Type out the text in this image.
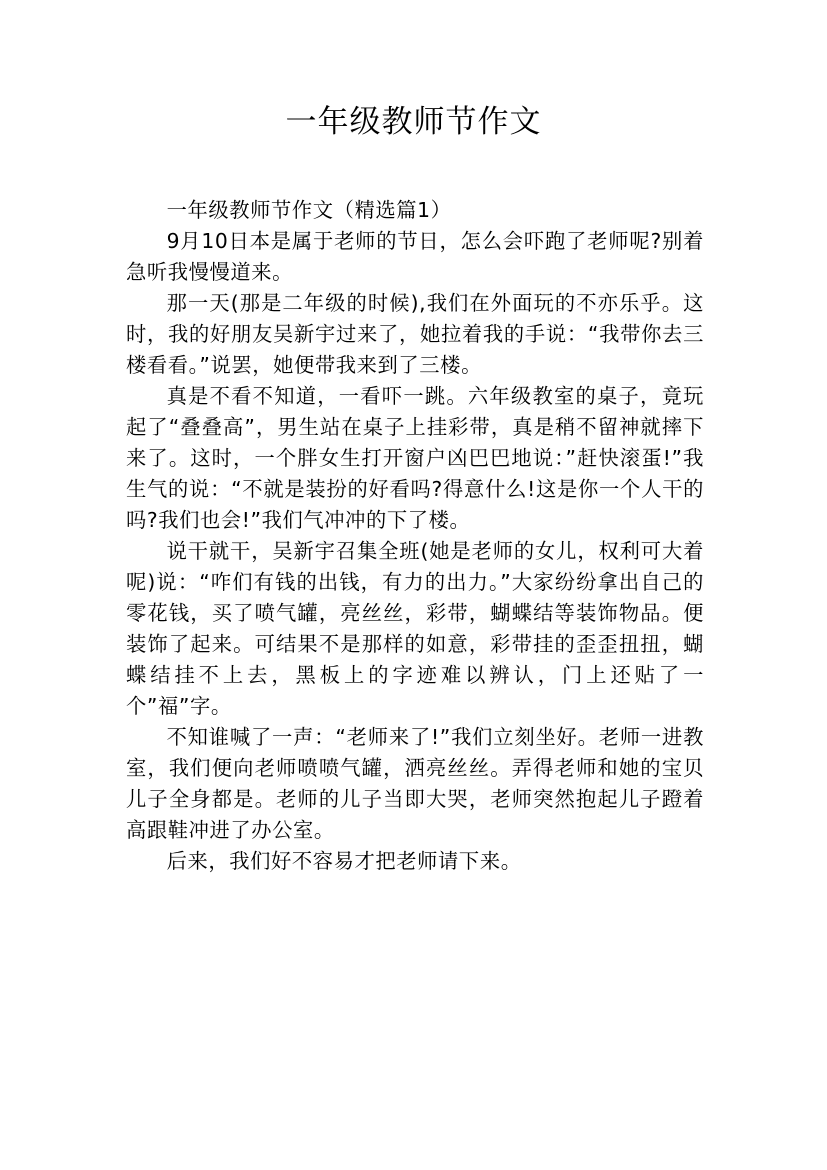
一年级教师节作文

一年级教师节作文（精选篇1）

9月10日本是属于老师的节日，怎么会吓跑了老师呢?别着急听我慢慢道来。

那一天(那是二年级的时候),我们在外面玩的不亦乐乎。这时，我的好朋友吴新宇过来了，她拉着我的手说：“我带你去三楼看看。”说罢，她便带我来到了三楼。

真是不看不知道，一看吓一跳。六年级教室的桌子，竟玩起了“叠叠高”，男生站在桌子上挂彩带，真是稍不留神就摔下来了。这时，一个胖女生打开窗户凶巴巴地说：”赶快滚蛋!”我生气的说：“不就是装扮的好看吗?得意什么!这是你一个人干的吗?我们也会!”我们气冲冲的下了楼。

说干就干，吴新宇召集全班(她是老师的女儿，权利可大着呢)说：“咋们有钱的出钱，有力的出力。”大家纷纷拿出自己的零花钱，买了喷气罐，亮丝丝，彩带，蝴蝶结等装饰物品。便装饰了起来。可结果不是那样的如意，彩带挂的歪歪扭扭，蝴蝶结挂不上去，黑板上的字迹难以辨认，门上还贴了一个”福”字。

不知谁喊了一声：“老师来了!”我们立刻坐好。老师一进教室，我们便向老师喷喷气罐，洒亮丝丝。弄得老师和她的宝贝儿子全身都是。老师的儿子当即大哭，老师突然抱起儿子蹬着高跟鞋冲进了办公室。

后来，我们好不容易才把老师请下来。
